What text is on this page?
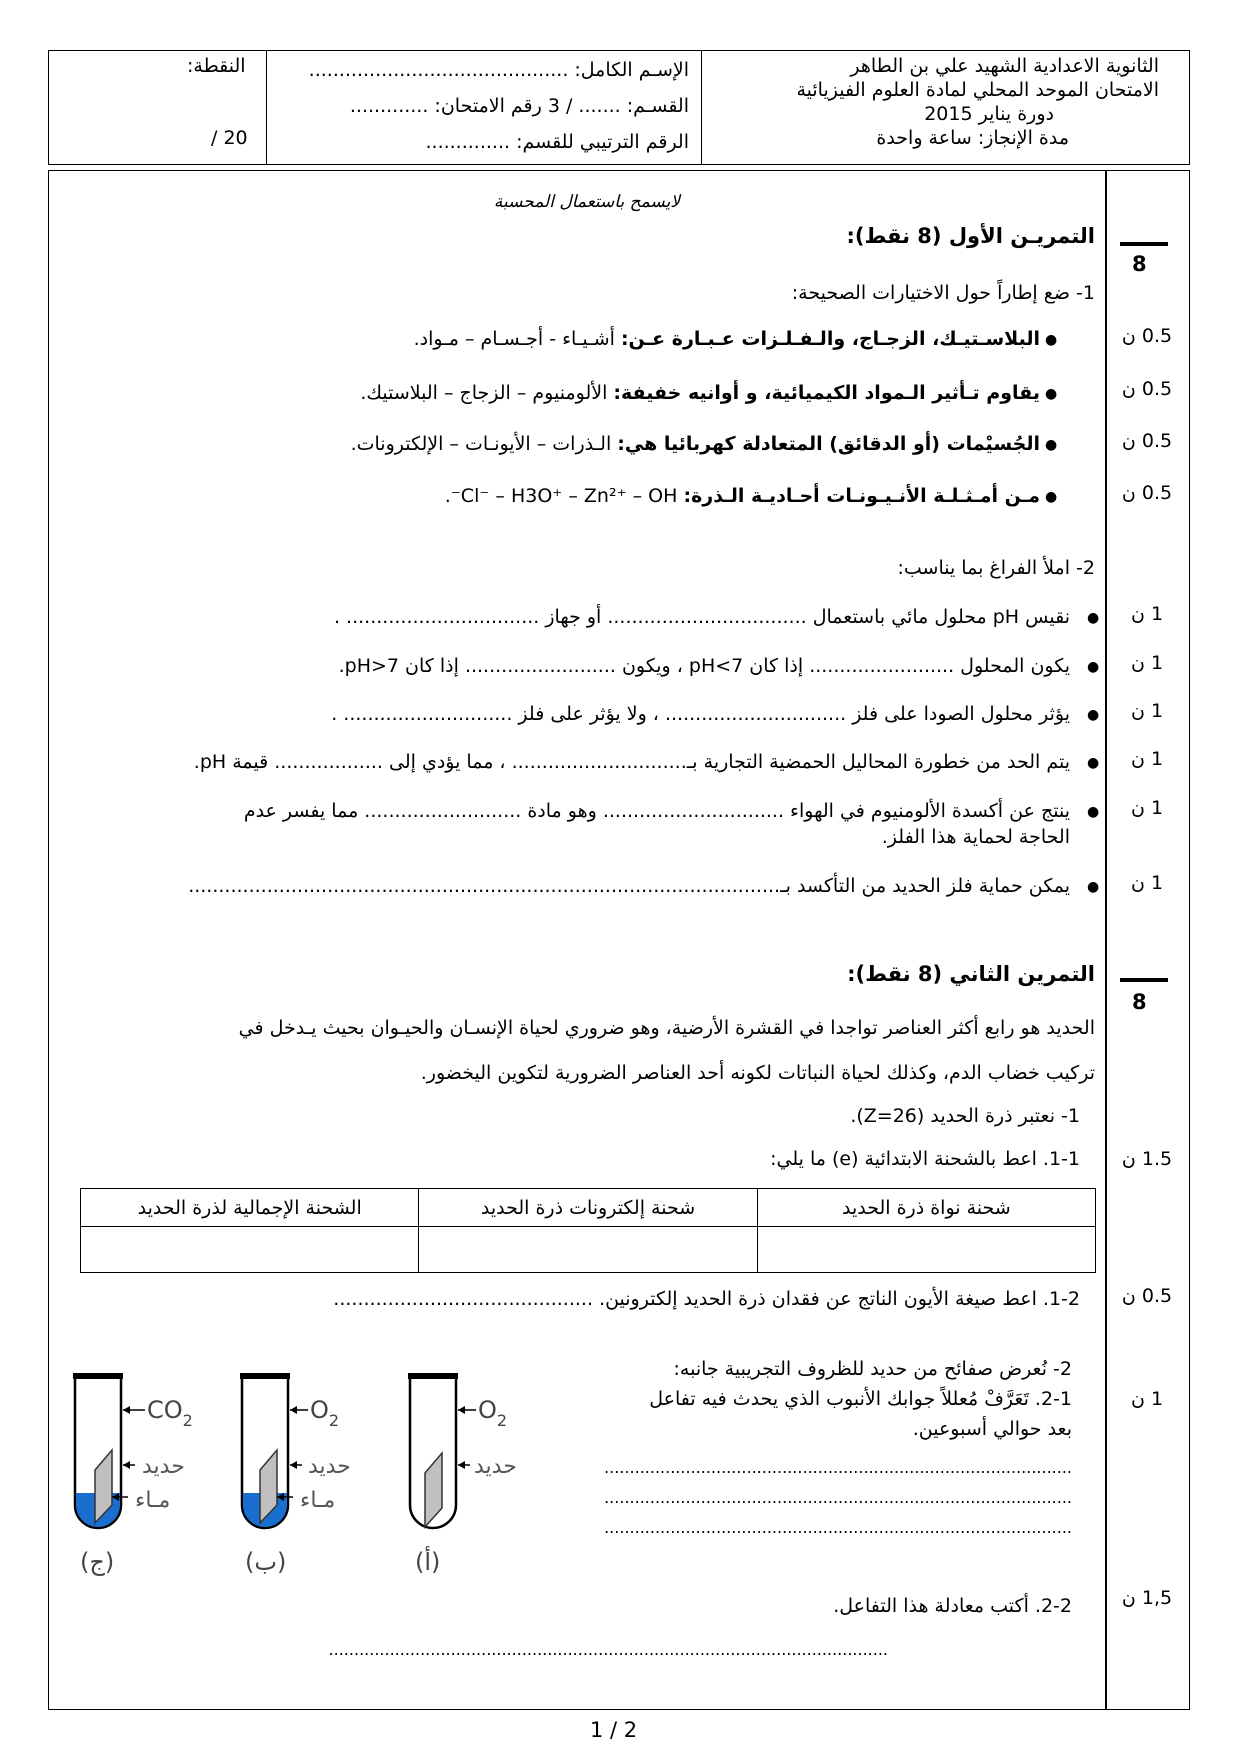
الثانوية الاعدادية الشهيد علي بن الطاهر
الامتحان الموحد المحلي لمادة العلوم الفيزيائية
دورة يناير 2015
مدة الإنجاز: ساعة واحدة
الإسـم الكامل: ...........................................
القسـم: ....... / 3 رقم الامتحان: .............
الرقم الترتيبي للقسم: ..............
النقطة:
20 /
لايسمح باستعمال المحسبة
8
التمريـن الأول (8 نقط):
1- ضع إطاراً حول الاختيارات الصحيحة:
0.5 ن
●
البلاسـتيـك، الزجـاج، والـفـلـزات عـبـارة عـن: أشـيـاء - أجـسـام – مـواد.
0.5 ن
●
يقاوم تـأثير الـمواد الكيميائية، و أوانيه خفيفة: الألومنيوم – الزجاج – البلاستيك.
0.5 ن
●
الجُسيْمات (أو الدقائق) المتعادلة كهربائيا هي: الـذرات – الأيونـات – الإلكترونات.
0.5 ن
●
مـن أمـثـلـة الأنـيـونـات أحـاديـة الـذرة: Cl⁻ – H3O⁺ – Zn²⁺ – OH⁻.
2- املأ الفراغ بما يناسب:
1 ن
●
نقيس pH محلول مائي باستعمال ................................. أو جهاز ................................ .
1 ن
●
يكون المحلول ........................ إذا كان pH<7 ، ويكون ......................... إذا كان pH>7.
1 ن
●
يؤثر محلول الصودا على فلز .............................. ، ولا يؤثر على فلز ............................ .
1 ن
●
يتم الحد من خطورة المحاليل الحمضية التجارية بـ............................. ، مما يؤدي إلى .................. قيمة pH.
1 ن
●
ينتج عن أكسدة الألومنيوم في الهواء .............................. وهو مادة .......................... مما يفسر عدم
الحاجة لحماية هذا الفلز.
1 ن
●
يمكن حماية فلز الحديد من التأكسد بـ..................................................................................................
8
التمرين الثاني (8 نقط):
الحديد هو رابع أكثر العناصر تواجدا في القشرة الأرضية، وهو ضروري لحياة الإنسـان والحيـوان بحيث يـدخل في
تركيب خضاب الدم، وكذلك لحياة النباتات لكونه أحد العناصر الضرورية لتكوين اليخضور.
1- نعتبر ذرة الحديد (Z=26).
1.5 ن
1-1. اعط بالشحنة الابتدائية (e) ما يلي:
شحنة نواة ذرة الحديد	شحنة إلكترونات ذرة الحديد	الشحنة الإجمالية لذرة الحديد

0.5 ن
1-2. اعط صيغة الأيون الناتج عن فقدان ذرة الحديد إلكترونين. ...........................................
2- نُعرض صفائح من حديد للظروف التجريبية جانبه:
1 ن
2-1. تَعَرَّفْ مُعللاً جوابك الأنبوب الذي يحدث فيه تفاعل
بعد حوالي أسبوعين.
............................................................................................
............................................................................................
............................................................................................
1,5 ن
2-2. أكتب معادلة هذا التفاعل.
..............................................................................................................
$CO_2$
حديد
مـاء
(ج)
$O_2$
حديد
مـاء
(ب)
$O_2$
حديد
(أ)
1 / 2
